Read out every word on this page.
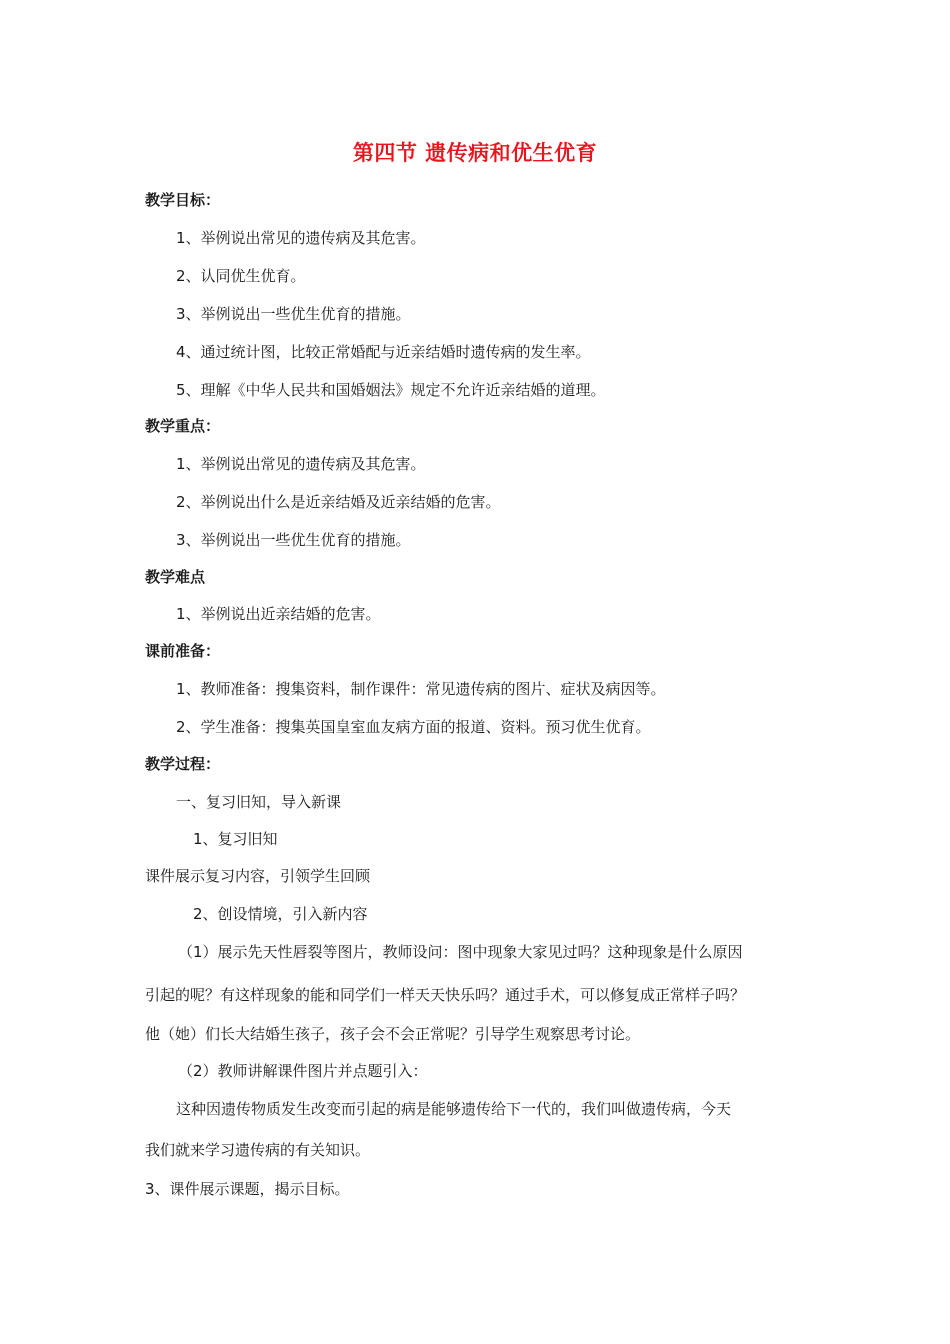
第四节 遗传病和优生优育
教学目标：
1、举例说出常见的遗传病及其危害。
2、认同优生优育。
3、举例说出一些优生优育的措施。
4、通过统计图，比较正常婚配与近亲结婚时遗传病的发生率。
5、理解《中华人民共和国婚姻法》规定不允许近亲结婚的道理。
教学重点：
1、举例说出常见的遗传病及其危害。
2、举例说出什么是近亲结婚及近亲结婚的危害。
3、举例说出一些优生优育的措施。
教学难点
1、举例说出近亲结婚的危害。
课前准备：
1、教师准备：搜集资料，制作课件：常见遗传病的图片、症状及病因等。
2、学生准备：搜集英国皇室血友病方面的报道、资料。预习优生优育。
教学过程：
一、复习旧知，导入新课
1、复习旧知
课件展示复习内容，引领学生回顾
2、创设情境，引入新内容
（1）展示先天性唇裂等图片，教师设问：图中现象大家见过吗？这种现象是什么原因
引起的呢？有这样现象的能和同学们一样天天快乐吗？通过手术，可以修复成正常样子吗？
他（她）们长大结婚生孩子，孩子会不会正常呢？引导学生观察思考讨论。
（2）教师讲解课件图片并点题引入：
这种因遗传物质发生改变而引起的病是能够遗传给下一代的，我们叫做遗传病，今天
我们就来学习遗传病的有关知识。
3、课件展示课题，揭示目标。
